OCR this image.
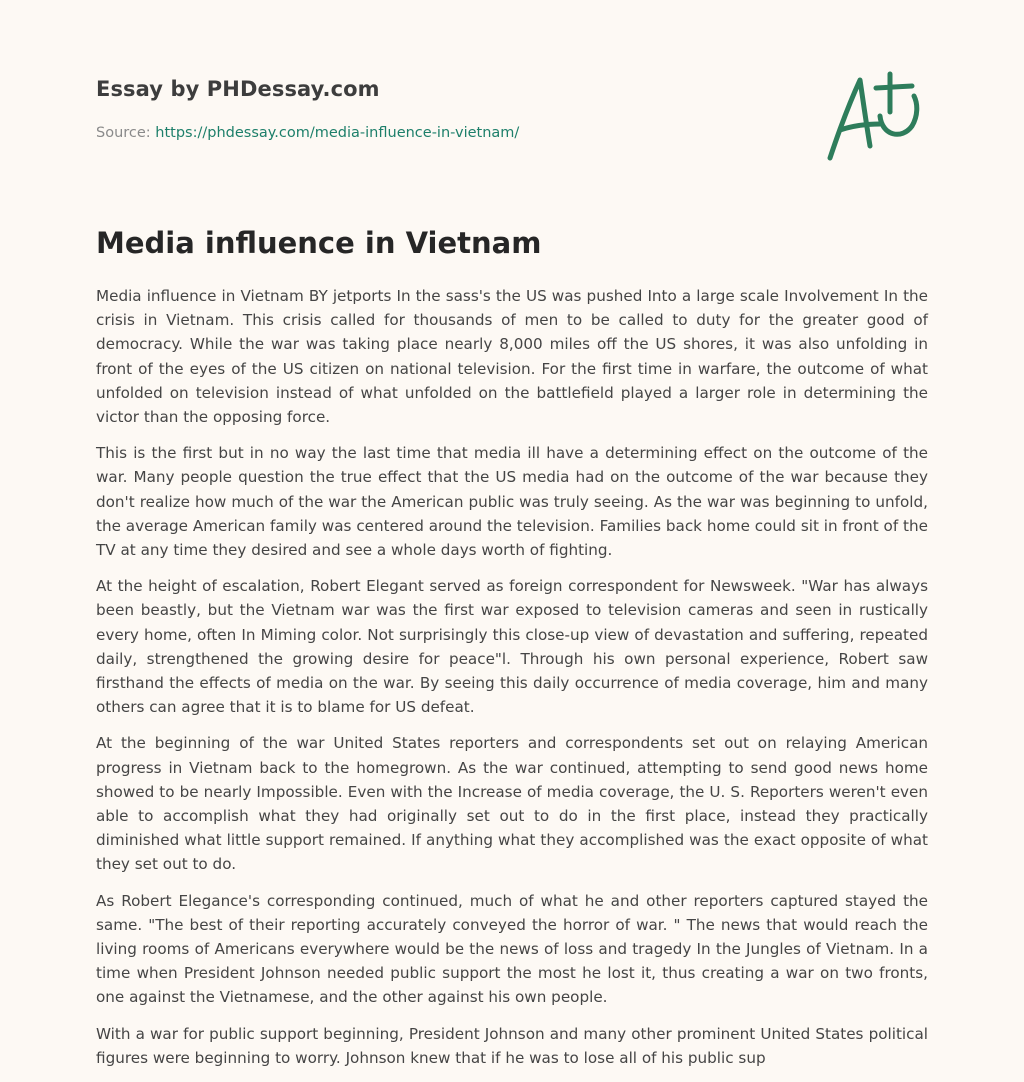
Essay by PHDessay.com
Source: https://phdessay.com/media-influence-in-vietnam/
Media influence in Vietnam

Media influence in Vietnam BY jetports In the sass's the US was pushed Into a large scale Involvement In the crisis in Vietnam. This crisis called for thousands of men to be called to duty for the greater good of democracy. While the war was taking place nearly 8,000 miles off the US shores, it was also unfolding in front of the eyes of the US citizen on national television. For the first time in warfare, the outcome of what unfolded on television instead of what unfolded on the battlefield played a larger role in determining the victor than the opposing force.

This is the first but in no way the last time that media ill have a determining effect on the outcome of the war. Many people question the true effect that the US media had on the outcome of the war because they don't realize how much of the war the American public was truly seeing. As the war was beginning to unfold, the average American family was centered around the television. Families back home could sit in front of the TV at any time they desired and see a whole days worth of fighting.

At the height of escalation, Robert Elegant served as foreign correspondent for Newsweek. "War has always been beastly, but the Vietnam war was the first war exposed to television cameras and seen in rustically every home, often In Miming color. Not surprisingly this close-up view of devastation and suffering, repeated daily, strengthened the growing desire for peace"l. Through his own personal experience, Robert saw firsthand the effects of media on the war. By seeing this daily occurrence of media coverage, him and many others can agree that it is to blame for US defeat.

At the beginning of the war United States reporters and correspondents set out on relaying American progress in Vietnam back to the homegrown. As the war continued, attempting to send good news home showed to be nearly Impossible. Even with the Increase of media coverage, the U. S. Reporters weren't even able to accomplish what they had originally set out to do in the first place, instead they practically diminished what little support remained. If anything what they accomplished was the exact opposite of what they set out to do.

As Robert Elegance's corresponding continued, much of what he and other reporters captured stayed the same. "The best of their reporting accurately conveyed the horror of war. " The news that would reach the living rooms of Americans everywhere would be the news of loss and tragedy In the Jungles of Vietnam. In a time when President Johnson needed public support the most he lost it, thus creating a war on two fronts, one against the Vietnamese, and the other against his own people.

With a war for public support beginning, President Johnson and many other prominent United States political figures were beginning to worry. Johnson knew that if he was to lose all of his public sup
